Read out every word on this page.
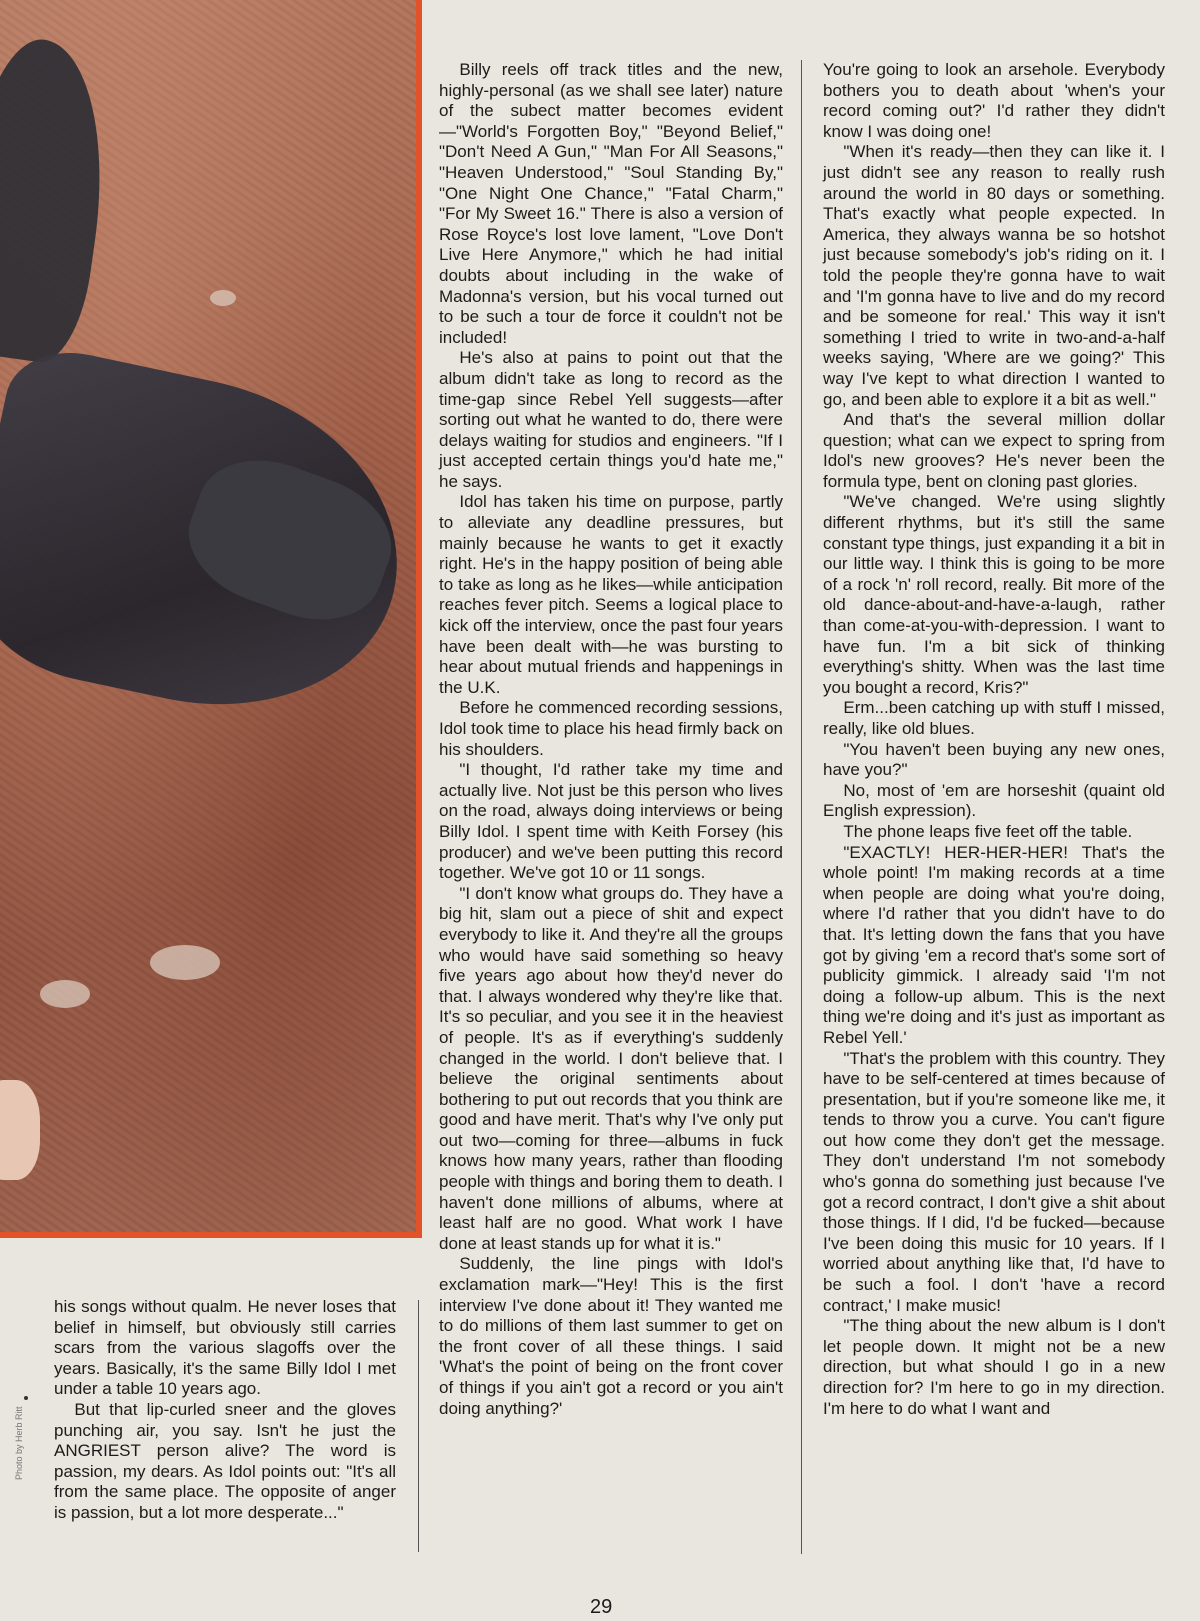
Photo by Herb Ritt

his songs without qualm. He never loses that belief in himself, but obviously still carries scars from the various slagoffs over the years. Basically, it's the same Billy Idol I met under a table 10 years ago.

But that lip-curled sneer and the gloves punching air, you say. Isn't he just the ANGRIEST person alive? The word is passion, my dears. As Idol points out: "It's all from the same place. The opposite of anger is passion, but a lot more desperate..."

Billy reels off track titles and the new, highly-personal (as we shall see later) nature of the subect matter becomes evident—"World's Forgotten Boy," "Beyond Belief," "Don't Need A Gun," "Man For All Seasons," "Heaven Understood," "Soul Standing By," "One Night One Chance," "Fatal Charm," "For My Sweet 16." There is also a version of Rose Royce's lost love lament, "Love Don't Live Here Anymore," which he had initial doubts about including in the wake of Madonna's version, but his vocal turned out to be such a tour de force it couldn't not be included!

He's also at pains to point out that the album didn't take as long to record as the time-gap since Rebel Yell suggests—after sorting out what he wanted to do, there were delays waiting for studios and engineers. "If I just accepted certain things you'd hate me," he says.

Idol has taken his time on purpose, partly to alleviate any deadline pressures, but mainly because he wants to get it exactly right. He's in the happy position of being able to take as long as he likes—while anticipation reaches fever pitch. Seems a logical place to kick off the interview, once the past four years have been dealt with—he was bursting to hear about mutual friends and happenings in the U.K.

Before he commenced recording sessions, Idol took time to place his head firmly back on his shoulders.

"I thought, I'd rather take my time and actually live. Not just be this person who lives on the road, always doing interviews or being Billy Idol. I spent time with Keith Forsey (his producer) and we've been putting this record together. We've got 10 or 11 songs.

"I don't know what groups do. They have a big hit, slam out a piece of shit and expect everybody to like it. And they're all the groups who would have said something so heavy five years ago about how they'd never do that. I always wondered why they're like that. It's so peculiar, and you see it in the heaviest of people. It's as if everything's suddenly changed in the world. I don't believe that. I believe the original sentiments about bothering to put out records that you think are good and have merit. That's why I've only put out two—coming for three—albums in fuck knows how many years, rather than flooding people with things and boring them to death. I haven't done millions of albums, where at least half are no good. What work I have done at least stands up for what it is."

Suddenly, the line pings with Idol's exclamation mark—"Hey! This is the first interview I've done about it! They wanted me to do millions of them last summer to get on the front cover of all these things. I said 'What's the point of being on the front cover of things if you ain't got a record or you ain't doing anything?'

You're going to look an arsehole. Everybody bothers you to death about 'when's your record coming out?' I'd rather they didn't know I was doing one!

"When it's ready—then they can like it. I just didn't see any reason to really rush around the world in 80 days or something. That's exactly what people expected. In America, they always wanna be so hotshot just because somebody's job's riding on it. I told the people they're gonna have to wait and 'I'm gonna have to live and do my record and be someone for real.' This way it isn't something I tried to write in two-and-a-half weeks saying, 'Where are we going?' This way I've kept to what direction I wanted to go, and been able to explore it a bit as well."

And that's the several million dollar question; what can we expect to spring from Idol's new grooves? He's never been the formula type, bent on cloning past glories.

"We've changed. We're using slightly different rhythms, but it's still the same constant type things, just expanding it a bit in our little way. I think this is going to be more of a rock 'n' roll record, really. Bit more of the old dance-about-and-have-a-laugh, rather than come-at-you-with-depression. I want to have fun. I'm a bit sick of thinking everything's shitty. When was the last time you bought a record, Kris?"

Erm...been catching up with stuff I missed, really, like old blues.

"You haven't been buying any new ones, have you?"

No, most of 'em are horseshit (quaint old English expression).

The phone leaps five feet off the table.

"EXACTLY! HER-HER-HER! That's the whole point! I'm making records at a time when people are doing what you're doing, where I'd rather that you didn't have to do that. It's letting down the fans that you have got by giving 'em a record that's some sort of publicity gimmick. I already said 'I'm not doing a follow-up album. This is the next thing we're doing and it's just as important as Rebel Yell.'

"That's the problem with this country. They have to be self-centered at times because of presentation, but if you're someone like me, it tends to throw you a curve. You can't figure out how come they don't get the message. They don't understand I'm not somebody who's gonna do something just because I've got a record contract, I don't give a shit about those things. If I did, I'd be fucked—because I've been doing this music for 10 years. If I worried about anything like that, I'd have to be such a fool. I don't 'have a record contract,' I make music!

"The thing about the new album is I don't let people down. It might not be a new direction, but what should I go in a new direction for? I'm here to go in my direction. I'm here to do what I want and

29
